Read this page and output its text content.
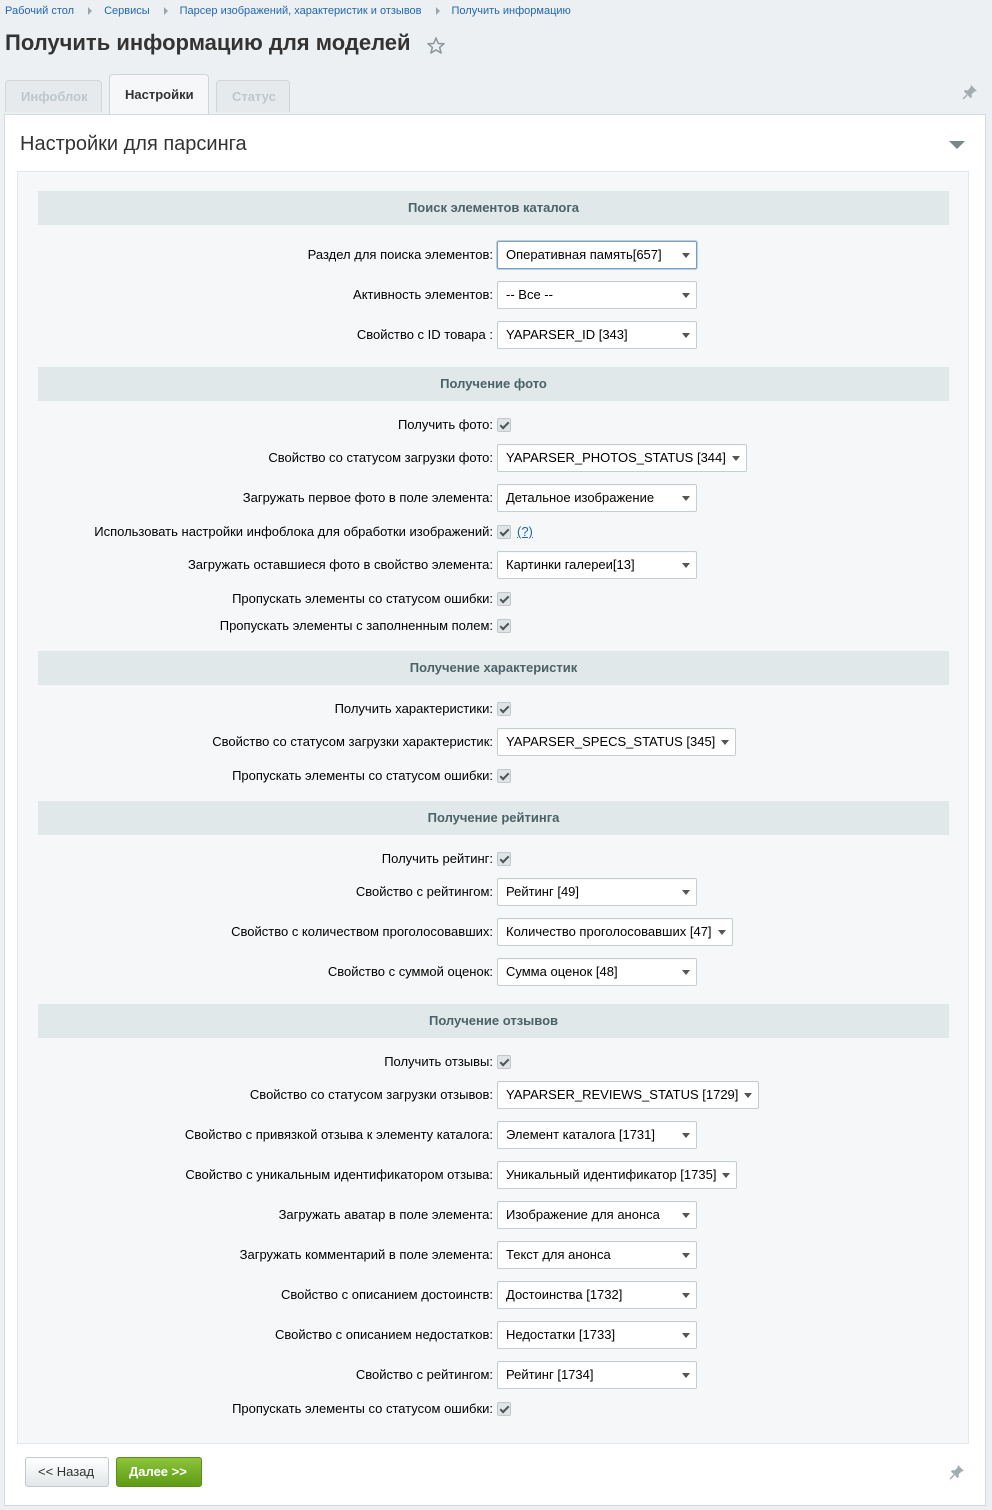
Рабочий стол	Сервисы	Парсер изображений, характеристик и отзывов	Получить информацию
Получить информацию для моделей
Инфоблок	Настройки	Статус
Настройки для парсинга
Поиск элементов каталога
Раздел для поиска элементов:	Оперативная память[657]
Активность элементов:	-- Все --
Свойство с ID товара :	YAPARSER_ID [343]
Получение фото
Получить фото:
Свойство со статусом загрузки фото:	YAPARSER_PHOTOS_STATUS [344]
Загружать первое фото в поле элемента:	Детальное изображение
Использовать настройки инфоблока для обработки изображений: (?)
Загружать оставшиеся фото в свойство элемента:	Картинки галереи[13]
Пропускать элементы со статусом ошибки:
Пропускать элементы с заполненным полем:
Получение характеристик
Получить характеристики:
Свойство со статусом загрузки характеристик:	YAPARSER_SPECS_STATUS [345]
Пропускать элементы со статусом ошибки:
Получение рейтинга
Получить рейтинг:
Свойство с рейтингом:	Рейтинг [49]
Свойство с количеством проголосовавших:	Количество проголосовавших [47]
Свойство с суммой оценок:	Сумма оценок [48]
Получение отзывов
Получить отзывы:
Свойство со статусом загрузки отзывов:	YAPARSER_REVIEWS_STATUS [1729]
Свойство с привязкой отзыва к элементу каталога:	Элемент каталога [1731]
Свойство с уникальным идентификатором отзыва:	Уникальный идентификатор [1735]
Загружать аватар в поле элемента:	Изображение для анонса
Загружать комментарий в поле элемента:	Текст для анонса
Свойство с описанием достоинств:	Достоинства [1732]
Свойство с описанием недостатков:	Недостатки [1733]
Свойство с рейтингом:	Рейтинг [1734]
Пропускать элементы со статусом ошибки:
<< Назад	Далее >>
